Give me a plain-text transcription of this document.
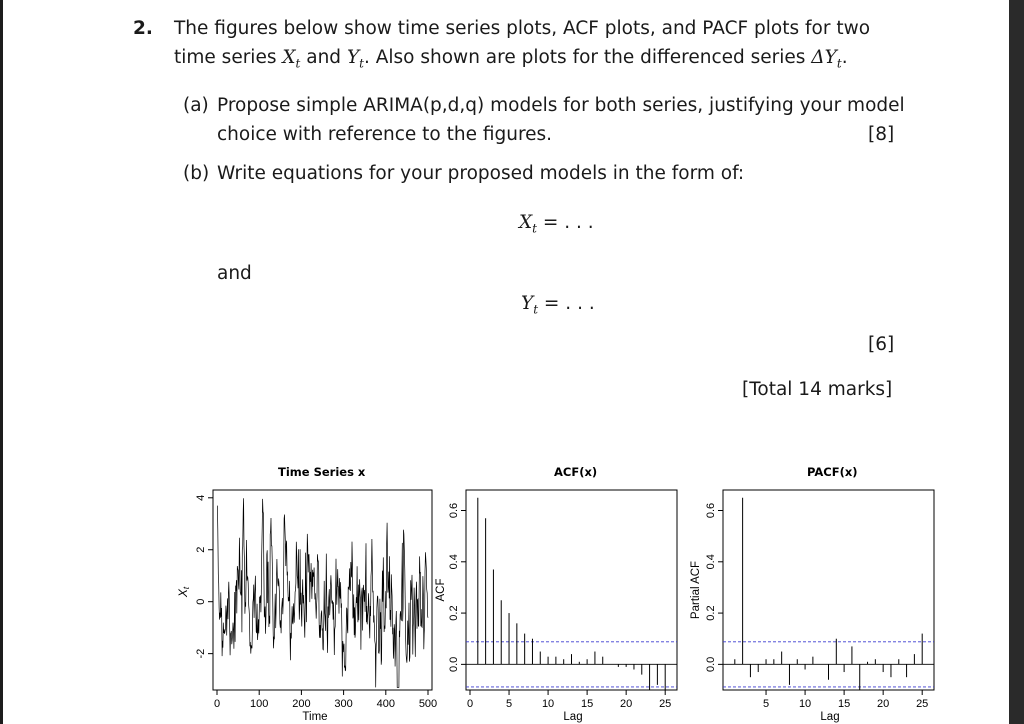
2. The figures below show time series plots, ACF plots, and PACF plots for two
time series $X_t$ and $Y_t$. Also shown are plots for the differenced series $\Delta Y_t$.
(a) Propose simple ARIMA(p,d,q) models for both series, justifying your model
choice with reference to the figures.	[8]
(b) Write equations for your proposed models in the form of:
$X_t$ = . . .
and
$Y_t$ = . . .
[6]
[Total 14 marks]
Time Series x
0	100 200 300 400 500
-2
0
2
4
Time
Xt
ACF(x)
0	5	10 15 20 25
0.0
0.2
0.4
0.6
Lag
ACF
PACF(x)
5	10 15 20 25
0.0
0.2
0.4
0.6
Lag
Partial ACF
